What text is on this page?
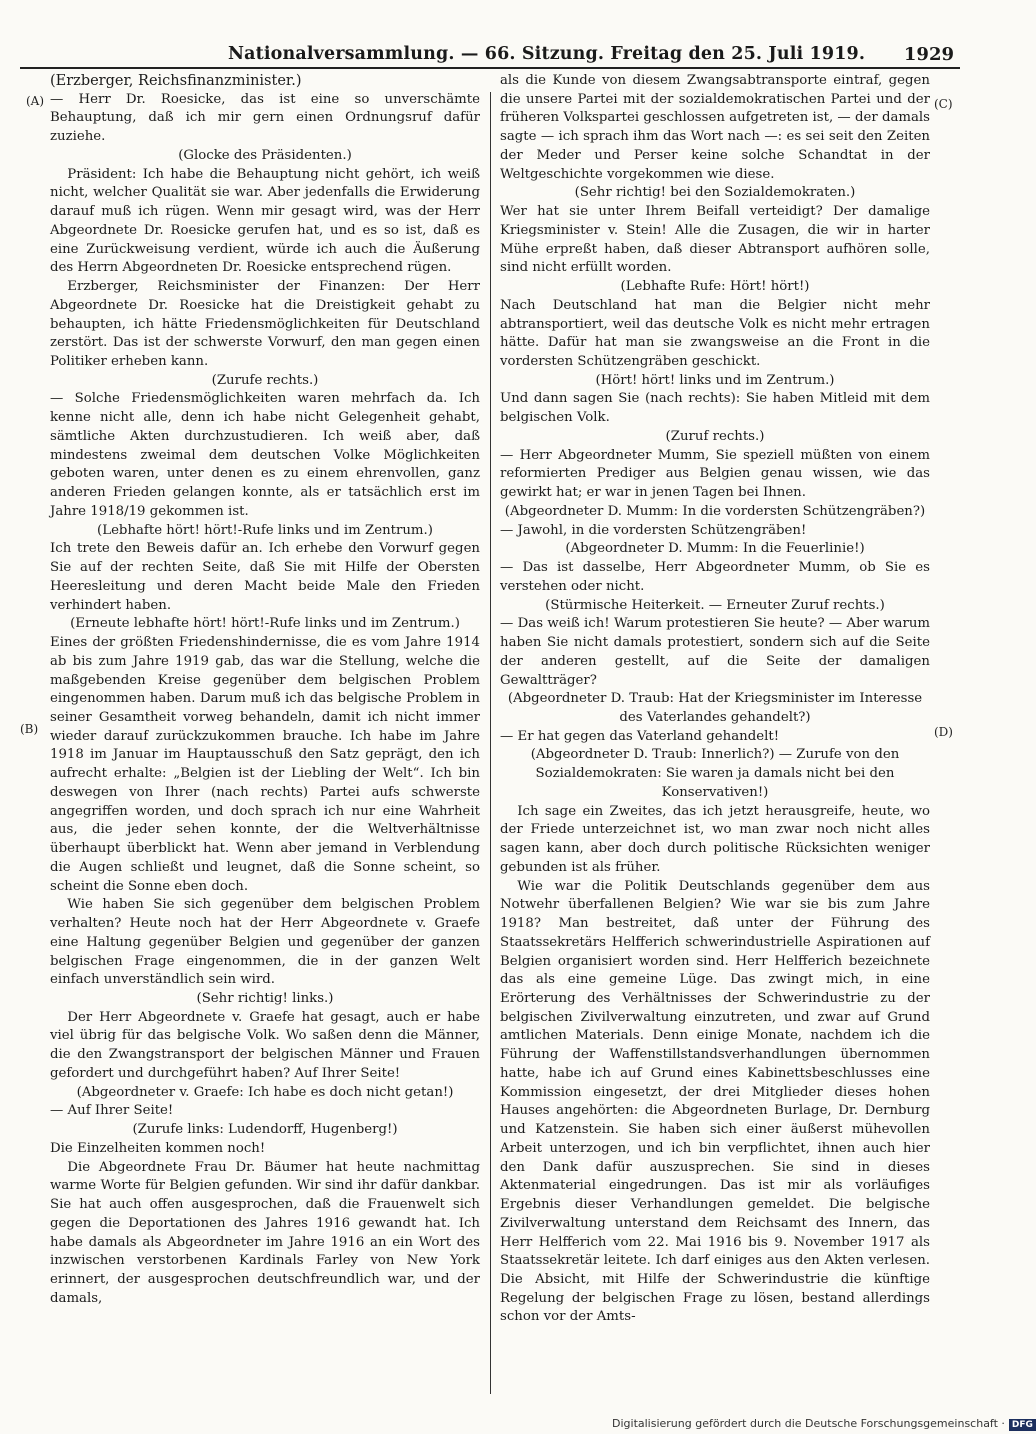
Nationalversammlung. — 66. Sitzung. Freitag den 25. Juli 1919. 1929
(A)
(B)
(C)
(D)

(Erzberger, Reichsfinanzminister.)

— Herr Dr. Roesicke, das ist eine so unverschämte Behauptung, daß ich mir gern einen Ordnungsruf dafür zuziehe.

(Glocke des Präsidenten.)

Präsident: Ich habe die Behauptung nicht gehört, ich weiß nicht, welcher Qualität sie war. Aber jedenfalls die Erwiderung darauf muß ich rügen. Wenn mir gesagt wird, was der Herr Abgeordnete Dr. Roesicke gerufen hat, und es so ist, daß es eine Zurückweisung verdient, würde ich auch die Äußerung des Herrn Abgeordneten Dr. Roesicke entsprechend rügen.

Erzberger, Reichsminister der Finanzen: Der Herr Abgeordnete Dr. Roesicke hat die Dreistigkeit gehabt zu behaupten, ich hätte Friedensmöglichkeiten für Deutschland zerstört. Das ist der schwerste Vorwurf, den man gegen einen Politiker erheben kann.

(Zurufe rechts.)

— Solche Friedensmöglichkeiten waren mehrfach da. Ich kenne nicht alle, denn ich habe nicht Gelegenheit gehabt, sämtliche Akten durchzustudieren. Ich weiß aber, daß mindestens zweimal dem deutschen Volke Möglichkeiten geboten waren, unter denen es zu einem ehrenvollen, ganz anderen Frieden gelangen konnte, als er tatsächlich erst im Jahre 1918/19 gekommen ist.

(Lebhafte hört! hört!-Rufe links und im Zentrum.)

Ich trete den Beweis dafür an. Ich erhebe den Vorwurf gegen Sie auf der rechten Seite, daß Sie mit Hilfe der Obersten Heeresleitung und deren Macht beide Male den Frieden verhindert haben.

(Erneute lebhafte hört! hört!-Rufe links und im Zentrum.)

Eines der größten Friedenshindernisse, die es vom Jahre 1914 ab bis zum Jahre 1919 gab, das war die Stellung, welche die maßgebenden Kreise gegenüber dem belgischen Problem eingenommen haben. Darum muß ich das belgische Problem in seiner Gesamtheit vorweg behandeln, damit ich nicht immer wieder darauf zurückzukommen brauche. Ich habe im Jahre 1918 im Januar im Hauptausschuß den Satz geprägt, den ich aufrecht erhalte: „Belgien ist der Liebling der Welt“. Ich bin deswegen von Ihrer (nach rechts) Partei aufs schwerste angegriffen worden, und doch sprach ich nur eine Wahrheit aus, die jeder sehen konnte, der die Weltverhältnisse überhaupt überblickt hat. Wenn aber jemand in Verblendung die Augen schließt und leugnet, daß die Sonne scheint, so scheint die Sonne eben doch.

Wie haben Sie sich gegenüber dem belgischen Problem verhalten? Heute noch hat der Herr Abgeordnete v. Graefe eine Haltung gegenüber Belgien und gegenüber der ganzen belgischen Frage eingenommen, die in der ganzen Welt einfach unverständlich sein wird.

(Sehr richtig! links.)

Der Herr Abgeordnete v. Graefe hat gesagt, auch er habe viel übrig für das belgische Volk. Wo saßen denn die Männer, die den Zwangstransport der belgischen Männer und Frauen gefordert und durchgeführt haben? Auf Ihrer Seite!

(Abgeordneter v. Graefe: Ich habe es doch nicht getan!)

— Auf Ihrer Seite!

(Zurufe links: Ludendorff, Hugenberg!)

Die Einzelheiten kommen noch!

Die Abgeordnete Frau Dr. Bäumer hat heute nachmittag warme Worte für Belgien gefunden. Wir sind ihr dafür dankbar. Sie hat auch offen ausgesprochen, daß die Frauenwelt sich gegen die Deportationen des Jahres 1916 gewandt hat. Ich habe damals als Abgeordneter im Jahre 1916 an ein Wort des inzwischen verstorbenen Kardinals Farley von New York erinnert, der ausgesprochen deutschfreundlich war, und der damals,

als die Kunde von diesem Zwangsabtransporte eintraf, gegen die unsere Partei mit der sozialdemokratischen Partei und der früheren Volkspartei geschlossen aufgetreten ist, — der damals sagte — ich sprach ihm das Wort nach —: es sei seit den Zeiten der Meder und Perser keine solche Schandtat in der Weltgeschichte vorgekommen wie diese.

(Sehr richtig! bei den Sozialdemokraten.)

Wer hat sie unter Ihrem Beifall verteidigt? Der damalige Kriegsminister v. Stein! Alle die Zusagen, die wir in harter Mühe erpreßt haben, daß dieser Abtransport aufhören solle, sind nicht erfüllt worden.

(Lebhafte Rufe: Hört! hört!)

Nach Deutschland hat man die Belgier nicht mehr abtransportiert, weil das deutsche Volk es nicht mehr ertragen hätte. Dafür hat man sie zwangsweise an die Front in die vordersten Schützengräben geschickt.

(Hört! hört! links und im Zentrum.)

Und dann sagen Sie (nach rechts): Sie haben Mitleid mit dem belgischen Volk.

(Zuruf rechts.)

— Herr Abgeordneter Mumm, Sie speziell müßten von einem reformierten Prediger aus Belgien genau wissen, wie das gewirkt hat; er war in jenen Tagen bei Ihnen.

(Abgeordneter D. Mumm: In die vordersten Schützengräben?)

— Jawohl, in die vordersten Schützengräben!

(Abgeordneter D. Mumm: In die Feuerlinie!)

— Das ist dasselbe, Herr Abgeordneter Mumm, ob Sie es verstehen oder nicht.

(Stürmische Heiterkeit. — Erneuter Zuruf rechts.)

— Das weiß ich! Warum protestieren Sie heute? — Aber warum haben Sie nicht damals protestiert, sondern sich auf die Seite der anderen gestellt, auf die Seite der damaligen Gewaltträger?

(Abgeordneter D. Traub: Hat der Kriegsminister im Interesse des Vaterlandes gehandelt?)

— Er hat gegen das Vaterland gehandelt!

(Abgeordneter D. Traub: Innerlich?) — Zurufe von den Sozialdemokraten: Sie waren ja damals nicht bei den Konservativen!)

Ich sage ein Zweites, das ich jetzt herausgreife, heute, wo der Friede unterzeichnet ist, wo man zwar noch nicht alles sagen kann, aber doch durch politische Rücksichten weniger gebunden ist als früher.

Wie war die Politik Deutschlands gegenüber dem aus Notwehr überfallenen Belgien? Wie war sie bis zum Jahre 1918? Man bestreitet, daß unter der Führung des Staatssekretärs Helfferich schwerindustrielle Aspirationen auf Belgien organisiert worden sind. Herr Helfferich bezeichnete das als eine gemeine Lüge. Das zwingt mich, in eine Erörterung des Verhältnisses der Schwerindustrie zu der belgischen Zivilverwaltung einzutreten, und zwar auf Grund amtlichen Materials. Denn einige Monate, nachdem ich die Führung der Waffenstillstandsverhandlungen übernommen hatte, habe ich auf Grund eines Kabinettsbeschlusses eine Kommission eingesetzt, der drei Mitglieder dieses hohen Hauses angehörten: die Abgeordneten Burlage, Dr. Dernburg und Katzenstein. Sie haben sich einer äußerst mühevollen Arbeit unterzogen, und ich bin verpflichtet, ihnen auch hier den Dank dafür auszusprechen. Sie sind in dieses Aktenmaterial eingedrungen. Das ist mir als vorläufiges Ergebnis dieser Verhandlungen gemeldet. Die belgische Zivilverwaltung unterstand dem Reichsamt des Innern, das Herr Helfferich vom 22. Mai 1916 bis 9. November 1917 als Staatssekretär leitete. Ich darf einiges aus den Akten verlesen. Die Absicht, mit Hilfe der Schwerindustrie die künftige Regelung der belgischen Frage zu lösen, bestand allerdings schon vor der Amts-

Digitalisierung gefördert durch die Deutsche Forschungsgemeinschaft · DFG
